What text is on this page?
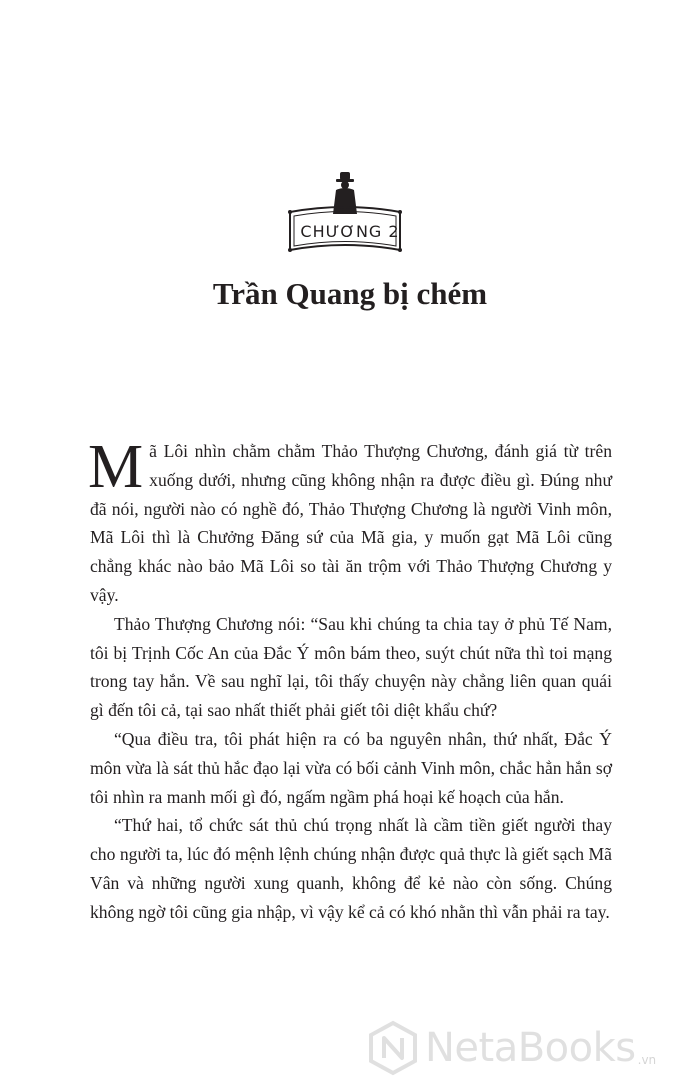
CHƯƠNG 2
Trần Quang bị chém

Mã Lôi nhìn chằm chằm Thảo Thượng Chương, đánh giá từ trên xuống dưới, nhưng cũng không nhận ra được điều gì. Đúng như đã nói, người nào có nghề đó, Thảo Thượng Chương là người Vinh môn, Mã Lôi thì là Chưởng Đăng sứ của Mã gia, y muốn gạt Mã Lôi cũng chẳng khác nào bảo Mã Lôi so tài ăn trộm với Thảo Thượng Chương y vậy.

Thảo Thượng Chương nói: “Sau khi chúng ta chia tay ở phủ Tế Nam, tôi bị Trịnh Cốc An của Đắc Ý môn bám theo, suýt chút nữa thì toi mạng trong tay hắn. Về sau nghĩ lại, tôi thấy chuyện này chẳng liên quan quái gì đến tôi cả, tại sao nhất thiết phải giết tôi diệt khẩu chứ?

“Qua điều tra, tôi phát hiện ra có ba nguyên nhân, thứ nhất, Đắc Ý môn vừa là sát thủ hắc đạo lại vừa có bối cảnh Vinh môn, chắc hẳn hắn sợ tôi nhìn ra manh mối gì đó, ngấm ngầm phá hoại kế hoạch của hắn.

“Thứ hai, tổ chức sát thủ chú trọng nhất là cầm tiền giết người thay cho người ta, lúc đó mệnh lệnh chúng nhận được quả thực là giết sạch Mã Vân và những người xung quanh, không để kẻ nào còn sống. Chúng không ngờ tôi cũng gia nhập, vì vậy kể cả có khó nhằn thì vẫn phải ra tay.

NetaBooks .vn
